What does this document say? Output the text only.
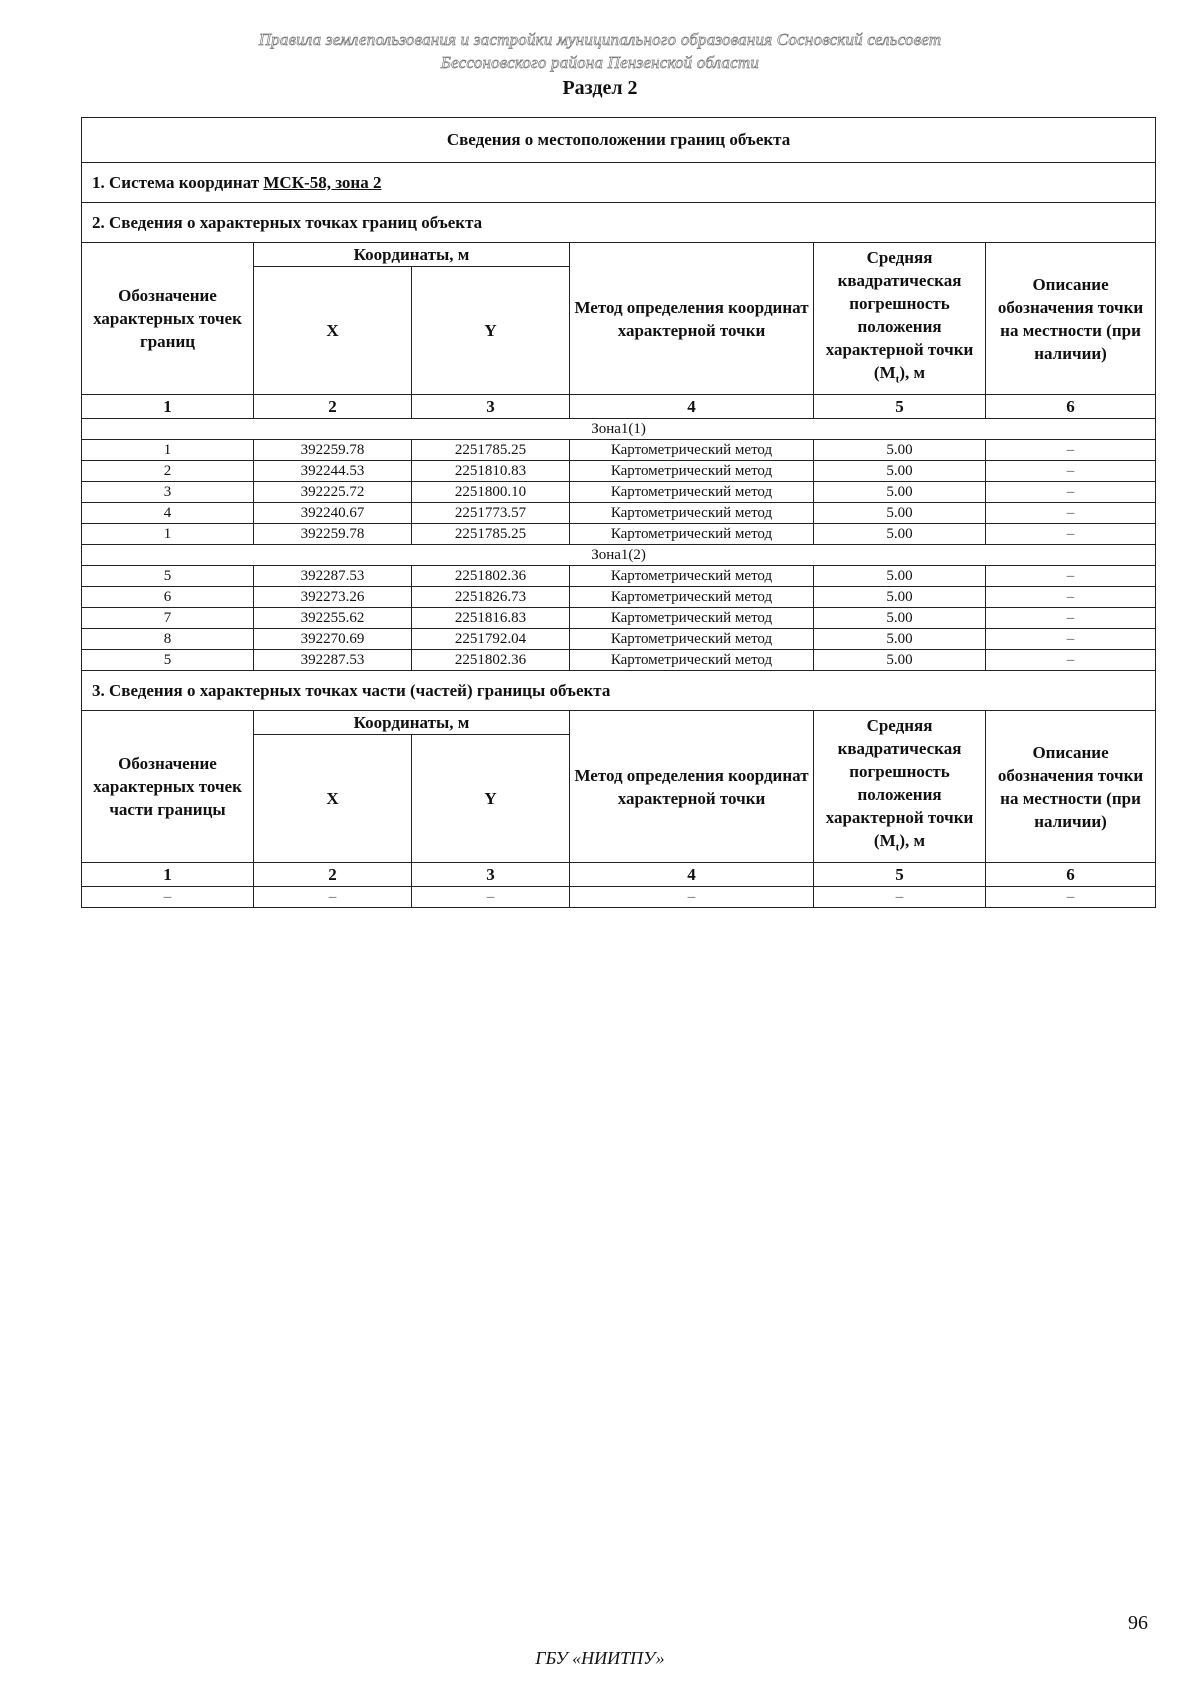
Правила землепользования и застройки муниципального образования Сосновский сельсовет
Бессоновского района Пензенской области
Раздел 2
Сведения о местоположении границ объекта					
1. Система координат МСК-58, зона 2					
2. Сведения о характерных точках границ объекта					
Обозначение характерных точек границ	Координаты, м		Метод определения координат характерной точки	Средняя квадратическая погрешность положения характерной точки $(M_t)$, м	Описание обозначения точки на местности (при наличии)
	X	Y			
1	2	3	4	5	6
Зона1(1)					
1	392259.78	2251785.25	Картометрический метод	5.00	–
2	392244.53	2251810.83	Картометрический метод	5.00	–
3	392225.72	2251800.10	Картометрический метод	5.00	–
4	392240.67	2251773.57	Картометрический метод	5.00	–
1	392259.78	2251785.25	Картометрический метод	5.00	–
Зона1(2)					
5	392287.53	2251802.36	Картометрический метод	5.00	–
6	392273.26	2251826.73	Картометрический метод	5.00	–
7	392255.62	2251816.83	Картометрический метод	5.00	–
8	392270.69	2251792.04	Картометрический метод	5.00	–
5	392287.53	2251802.36	Картометрический метод	5.00	–
3. Сведения о характерных точках части (частей) границы объекта					
Обозначение характерных точек части границы	Координаты, м		Метод определения координат характерной точки	Средняя квадратическая погрешность положения характерной точки $(M_t)$, м	Описание обозначения точки на местности (при наличии)
	X	Y			
1	2	3	4	5	6
–	–	–	–	–	–
96
ГБУ «НИИТПУ»
